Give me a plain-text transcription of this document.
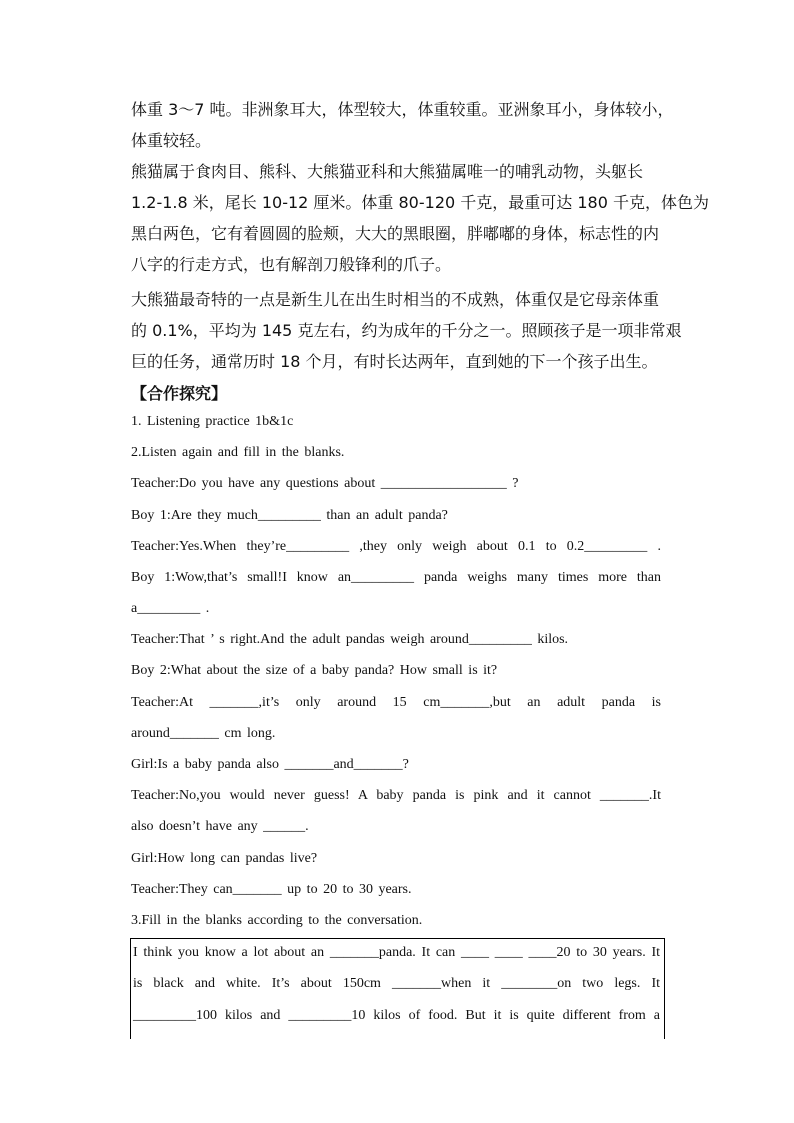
体重 3～7 吨。非洲象耳大，体型较大，体重较重。亚洲象耳小，身体较小，
体重较轻。
熊猫属于食肉目、熊科、大熊猫亚科和大熊猫属唯一的哺乳动物，头躯长
1.2-1.8 米，尾长 10-12 厘米。体重 80-120 千克，最重可达 180 千克，体色为
黑白两色，它有着圆圆的脸颊，大大的黑眼圈，胖嘟嘟的身体，标志性的内
八字的行走方式，也有解剖刀般锋利的爪子。
大熊猫最奇特的一点是新生儿在出生时相当的不成熟，体重仅是它母亲体重
的 0.1%，平均为 145 克左右，约为成年的千分之一。照顾孩子是一项非常艰
巨的任务，通常历时 18 个月，有时长达两年，直到她的下一个孩子出生。
【合作探究】
1. Listening practice 1b&1c
2.Listen again and fill in the blanks.
Teacher:Do you have any questions about __________________ ?
Boy 1:Are they much_________ than an adult panda?
Teacher:Yes.When they’re_________ ,they only weigh about 0.1 to 0.2_________ .
Boy 1:Wow,that’s small!I know an_________ panda weighs many times more than
a_________ .
Teacher:That ’ s right.And the adult pandas weigh around_________ kilos.
Boy 2:What about the size of a baby panda? How small is it?
Teacher:At _______,it’s only around 15 cm_______,but an adult panda is
around_______ cm long.
Girl:Is a baby panda also _______and_______?
Teacher:No,you would never guess! A baby panda is pink and it cannot _______.It
also doesn’t have any ______.
Girl:How long can pandas live?
Teacher:They can_______ up to 20 to 30 years.
3.Fill in the blanks according to the conversation.
I think you know a lot about an _______panda. It can ____ ____ ____20 to 30 years. It
is black and white. It’s about 150cm _______when it ________on two legs. It
_________100 kilos and _________10 kilos of food. But it is quite different from a
